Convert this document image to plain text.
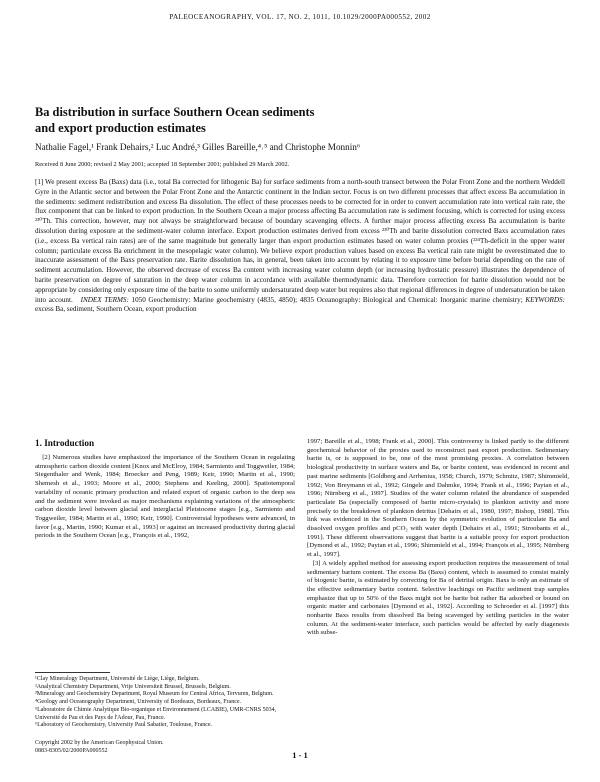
PALEOCEANOGRAPHY, VOL. 17, NO. 2, 1011, 10.1029/2000PA000552, 2002
Ba distribution in surface Southern Ocean sediments
and export production estimates
Nathalie Fagel,¹ Frank Dehairs,² Luc André,³ Gilles Bareille,⁴˒⁵ and Christophe Monnin⁶
Received 8 June 2000; revised 2 May 2001; accepted 18 September 2001; published 29 March 2002.
[1] We present excess Ba (Baxs) data (i.e., total Ba corrected for lithogenic Ba) for surface sediments from a north-south transect between the Polar Front Zone and the northern Weddell Gyre in the Atlantic sector and between the Polar Front Zone and the Antarctic continent in the Indian sector. Focus is on two different processes that affect excess Ba accumulation in the sediments: sediment redistribution and excess Ba dissolution. The effect of these processes needs to be corrected for in order to convert accumulation rate into vertical rain rate, the flux component that can be linked to export production. In the Southern Ocean a major process affecting Ba accumulation rate is sediment focusing, which is corrected for using excess ²³⁰Th. This correction, however, may not always be straightforward because of boundary scavenging effects. A further major process affecting excess Ba accumulation is barite dissolution during exposure at the sediment-water column interface. Export production estimates derived from excess ²³⁰Th and barite dissolution corrected Baxs accumulation rates (i.e., excess Ba vertical rain rates) are of the same magnitude but generally larger than export production estimates based on water column proxies (²³⁴Th-deficit in the upper water column; particulate excess Ba enrichment in the mesopelagic water column). We believe export production values based on excess Ba vertical rain rate might be overestimated due to inaccurate assessment of the Baxs preservation rate. Barite dissolution has, in general, been taken into account by relating it to exposure time before burial depending on the rate of sediment accumulation. However, the observed decrease of excess Ba content with increasing water column depth (or increasing hydrostatic pressure) illustrates the dependence of barite preservation on degree of saturation in the deep water column in accordance with available thermodynamic data. Therefore correction for barite dissolution would not be appropriate by considering only exposure time of the barite to some uniformly undersaturated deep water but requires also that regional differences in degree of undersaturation be taken into account. INDEX TERMS: 1050 Geochemistry: Marine geochemistry (4835, 4850); 4835 Oceanography: Biological and Chemical: Inorganic marine chemistry; KEYWORDS: excess Ba, sediment, Southern Ocean, export production
1. Introduction

[2] Numerous studies have emphasized the importance of the Southern Ocean in regulating atmospheric carbon dioxide content [Knox and McElroy, 1984; Sarmiento and Toggweiler, 1984; Siegenthaler and Wenk, 1984; Broecker and Peng, 1989; Keir, 1990; Martin et al., 1990; Shemesh et al., 1993; Moore et al., 2000; Stephens and Keeling, 2000]. Spatiotemporal variability of oceanic primary production and related export of organic carbon to the deep sea and the sediment were invoked as major mechanisms explaining variations of the atmospheric carbon dioxide level between glacial and interglacial Pleistocene stages [e.g., Sarmiento and Toggweiler, 1984; Martin et al., 1990; Keir, 1990]. Controversial hypotheses were advanced, in favor [e.g., Martin, 1990; Kumar et al., 1993] or against an increased productivity during glacial periods in the Southern Ocean [e.g., François et al., 1992,

1997; Bareille et al., 1998; Frank et al., 2000]. This controversy is linked partly to the different geochemical behavior of the proxies used to reconstruct past export production. Sedimentary barite is, or is supposed to be, one of the most promising proxies. A correlation between biological productivity in surface waters and Ba, or barite content, was evidenced in recent and past marine sediments [Goldberg and Arrhenius, 1958; Church, 1979; Schmitz, 1987; Shimmield, 1992; Von Breymann et al., 1992; Gingele and Dahmke, 1994; Frank et al., 1996; Paytan et al., 1996; Nürnberg et al., 1997]. Studies of the water column related the abundance of suspended particulate Ba (especially composed of barite micro-crystals) to plankton activity and more precisely to the breakdown of plankton detritus [Dehairs et al., 1980, 1997; Bishop, 1988]. This link was evidenced in the Southern Ocean by the symmetric evolution of particulate Ba and dissolved oxygen profiles and pCO₂ with water depth [Dehairs et al., 1991; Stroobants et al., 1991]. These different observations suggest that barite is a suitable proxy for export production [Dymond et al., 1992; Paytan et al., 1996; Shimmield et al., 1994; François et al., 1995; Nürnberg et al., 1997].

[3] A widely applied method for assessing export production requires the measurement of total sedimentary barium content. The excess Ba (Baxs) content, which is assumed to consist mainly of biogenic barite, is estimated by correcting for Ba of detrital origin. Baxs is only an estimate of the effective sedimentary barite content. Selective leachings on Pacific sediment trap samples emphasize that up to 50% of the Baxs might not be barite but rather Ba adsorbed or bound on organic matter and carbonates [Dymond et al., 1992]. According to Schroeder et al. [1997] this nonbarite Baxs results from dissolved Ba being scavenged by settling particles in the water column. At the sediment-water interface, such particles would be affected by early diagenesis with subse-

¹Clay Mineralogy Department, Université de Liège, Liège, Belgium.

²Analytical Chemistry Department, Vrije Universiteit Brussel, Brussels, Belgium.

³Mineralogy and Geochemistry Department, Royal Museum for Central Africa, Tervuren, Belgium.

⁴Geology and Oceanography Department, University of Bordeaux, Bordeaux, France.

⁵Laboratoire de Chimie Analytique Bio-organique et Environnement (LCABIE), UMR-CNRS 5034, Université de Pau et des Pays de l'Adour, Pau, France.

⁶Laboratory of Geochemistry, University Paul Sabatier, Toulouse, France.

Copyright 2002 by the American Geophysical Union.
0883-8305/02/2000PA000552	1 - 1
